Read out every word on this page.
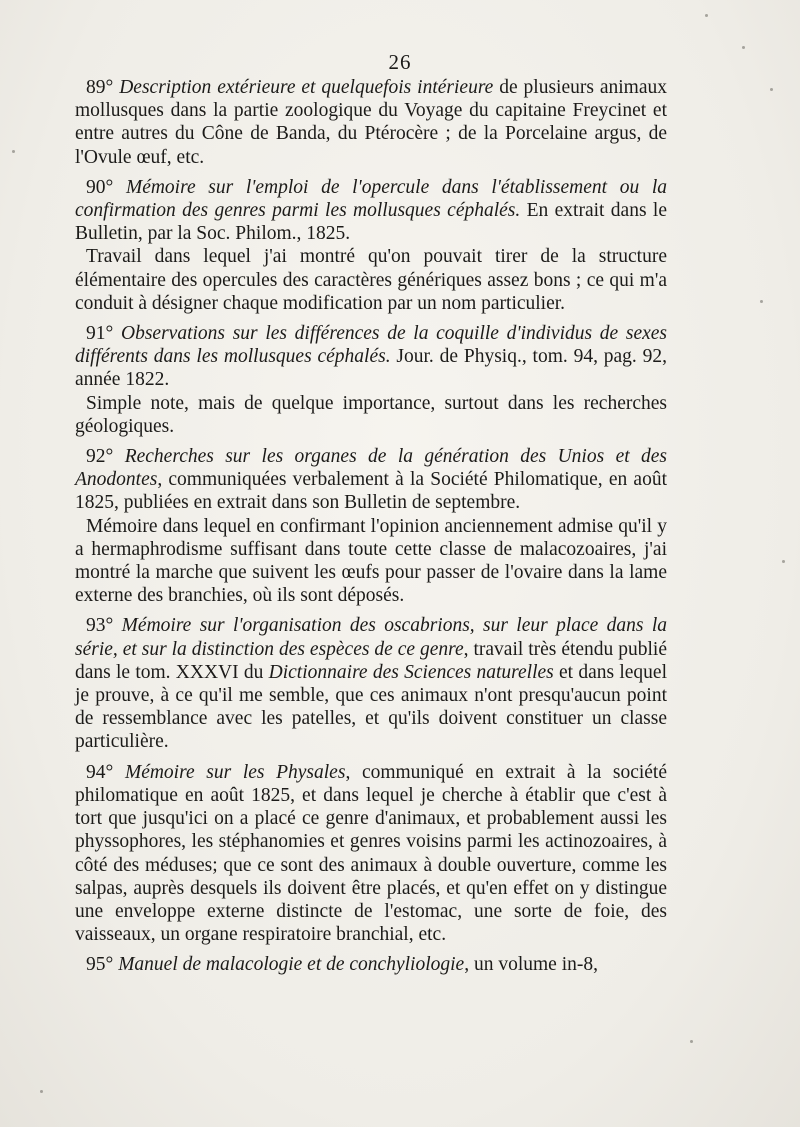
26

89° Description extérieure et quelquefois intérieure de plusieurs animaux mollusques dans la partie zoologique du Voyage du capitaine Freycinet et entre autres du Cône de Banda, du Ptérocère ; de la Porcelaine argus, de l'Ovule œuf, etc.

90° Mémoire sur l'emploi de l'opercule dans l'établissement ou la confirmation des genres parmi les mollusques céphalés. En extrait dans le Bulletin, par la Soc. Philom., 1825.

Travail dans lequel j'ai montré qu'on pouvait tirer de la structure élémentaire des opercules des caractères génériques assez bons ; ce qui m'a conduit à désigner chaque modification par un nom particulier.

91° Observations sur les différences de la coquille d'individus de sexes différents dans les mollusques céphalés. Jour. de Physiq., tom. 94, pag. 92, année 1822.

Simple note, mais de quelque importance, surtout dans les recherches géologiques.

92° Recherches sur les organes de la génération des Unios et des Anodontes, communiquées verbalement à la Société Philomatique, en août 1825, publiées en extrait dans son Bulletin de septembre.

Mémoire dans lequel en confirmant l'opinion anciennement admise qu'il y a hermaphrodisme suffisant dans toute cette classe de malacozoaires, j'ai montré la marche que suivent les œufs pour passer de l'ovaire dans la lame externe des branchies, où ils sont déposés.

93° Mémoire sur l'organisation des oscabrions, sur leur place dans la série, et sur la distinction des espèces de ce genre, travail très étendu publié dans le tom. XXXVI du Dictionnaire des Sciences naturelles et dans lequel je prouve, à ce qu'il me semble, que ces animaux n'ont presqu'aucun point de ressemblance avec les patelles, et qu'ils doivent constituer un classe particulière.

94° Mémoire sur les Physales, communiqué en extrait à la société philomatique en août 1825, et dans lequel je cherche à établir que c'est à tort que jusqu'ici on a placé ce genre d'animaux, et probablement aussi les physsophores, les stéphanomies et genres voisins parmi les actinozoaires, à côté des méduses; que ce sont des animaux à double ouverture, comme les salpas, auprès desquels ils doivent être placés, et qu'en effet on y distingue une enveloppe externe distincte de l'estomac, une sorte de foie, des vaisseaux, un organe respiratoire branchial, etc.

95° Manuel de malacologie et de conchyliologie, un volume in-8,
